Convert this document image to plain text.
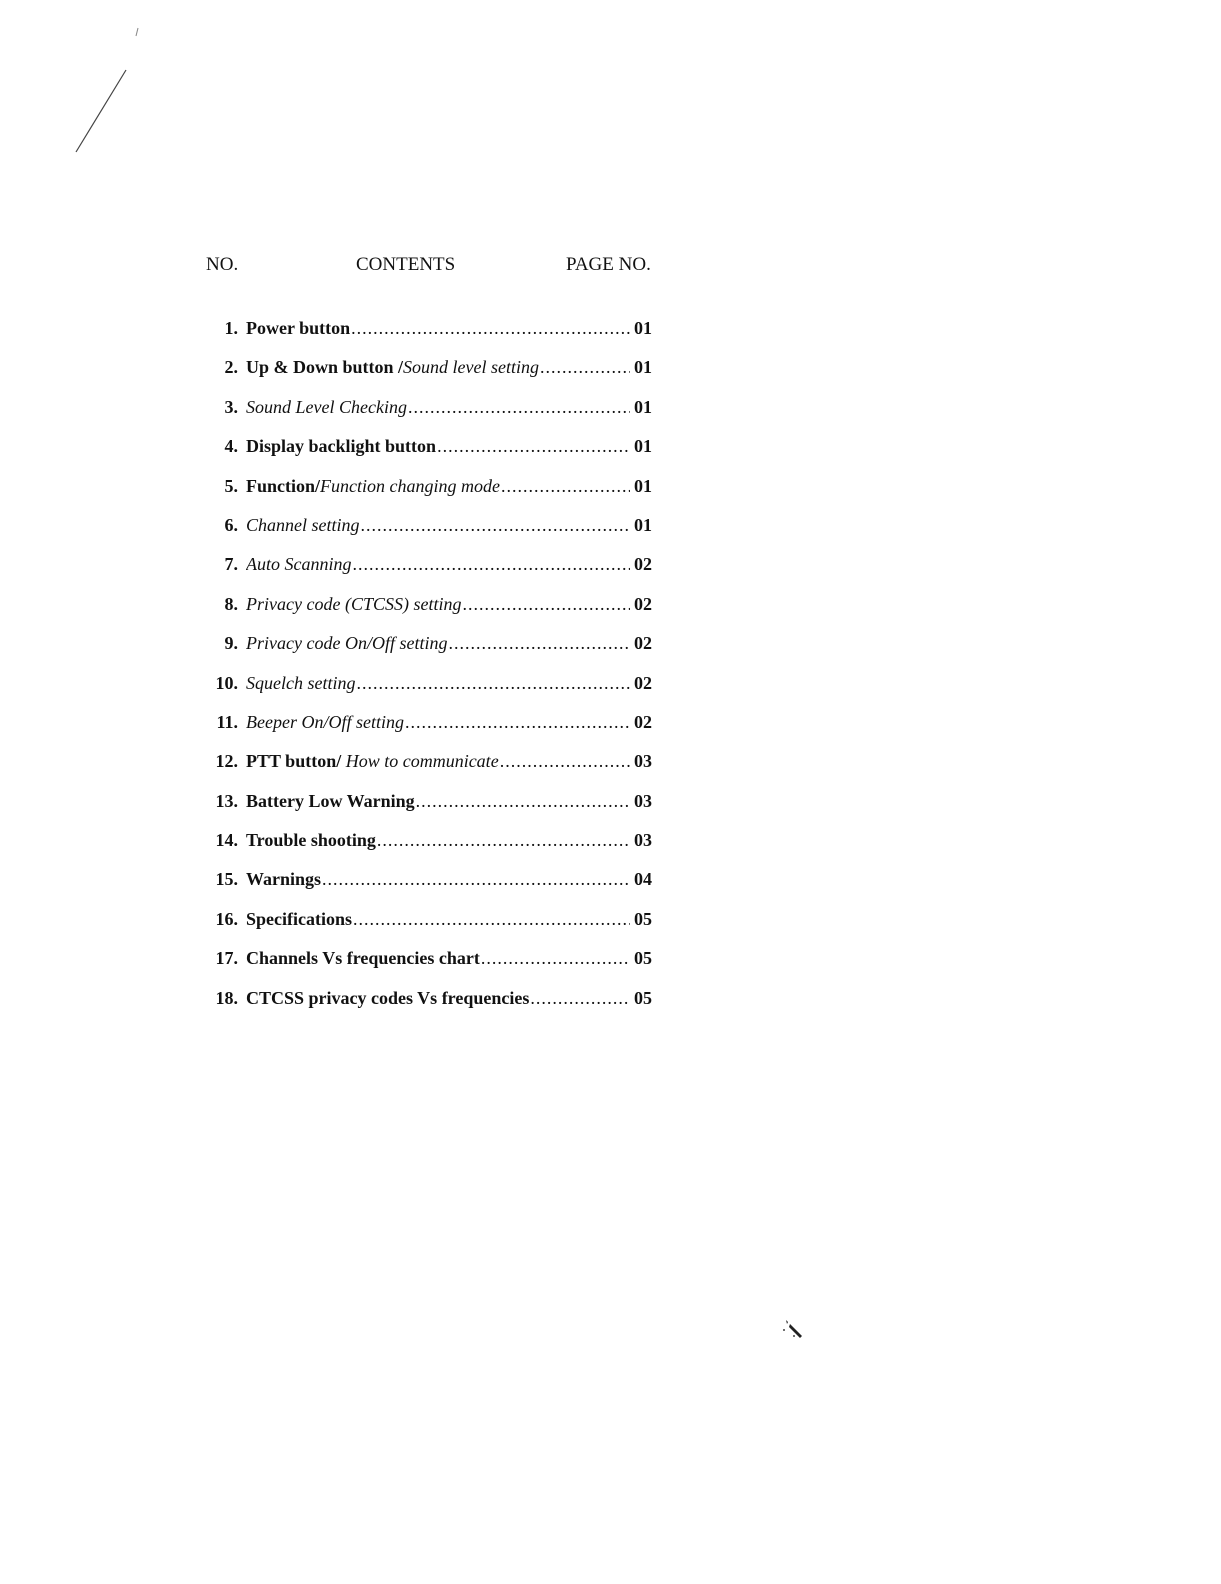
NO.	CONTENTS	PAGE NO.
1. Power button .....	01
2. Up & Down button /Sound level setting .....	01
3. Sound Level Checking .....	01
4. Display backlight button .....	01
5. Function/Function changing mode .....	01
6. Channel setting .....	01
7. Auto Scanning .....	02
8. Privacy code (CTCSS) setting .....	02
9. Privacy code On/Off setting .....	02
10. Squelch setting .....	02
11. Beeper On/Off setting .....	02
12. PTT button/ How to communicate .....	03
13. Battery Low Warning .....	03
14. Trouble shooting .....	03
15. Warnings .....	04
16. Specifications .....	05
17. Channels Vs frequencies chart .....	05
18. CTCSS privacy codes Vs frequencies .....	05
